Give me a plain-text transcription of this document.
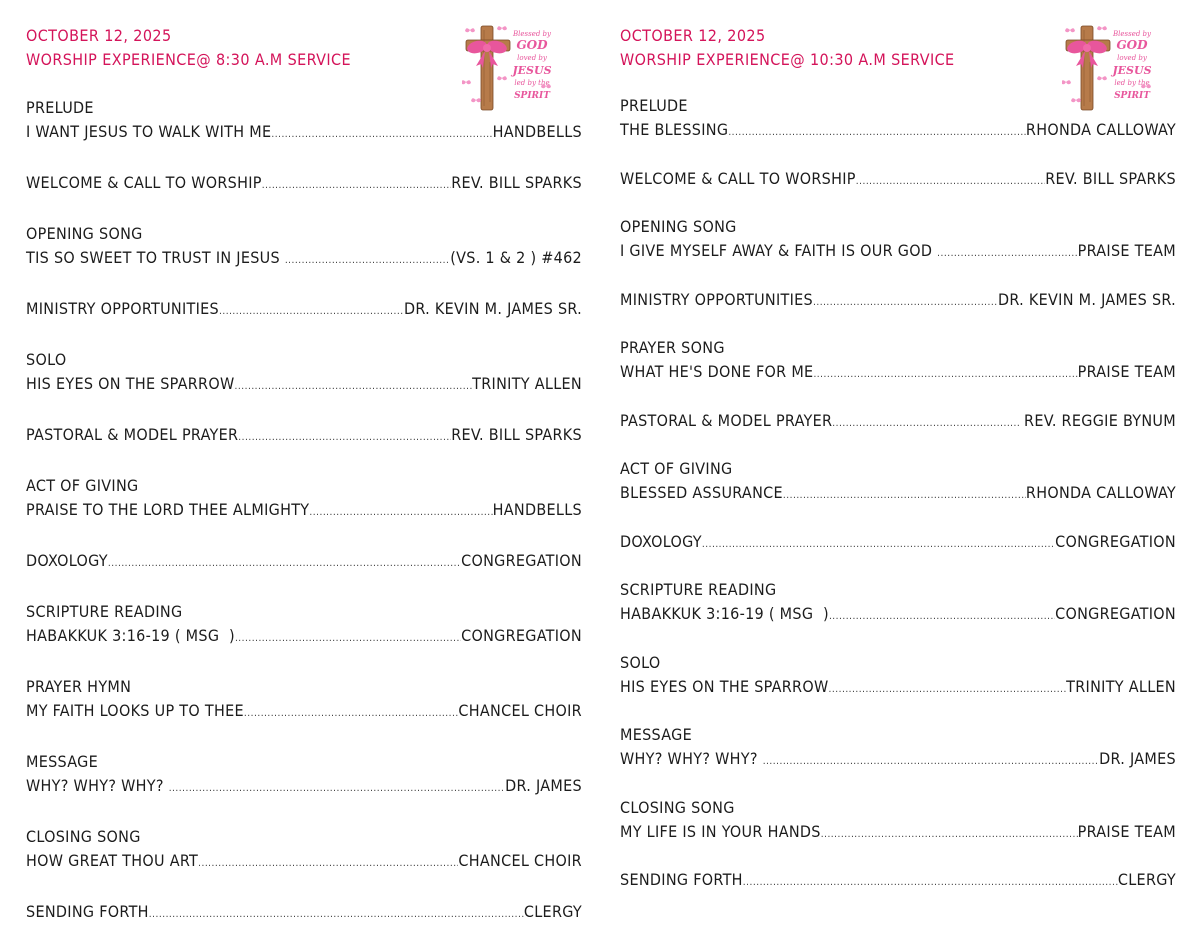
OCTOBER 12, 2025
WORSHIP EXPERIENCE@ 8:30 A.M SERVICE
PRELUDE
I WANT JESUS TO WALK WITH ME .....	HANDBELLS
WELCOME & CALL TO WORSHIP .....	REV. BILL SPARKS
OPENING SONG
TIS SO SWEET TO TRUST IN JESUS .....	(VS. 1 & 2 ) #462
MINISTRY OPPORTUNITIES .....	DR. KEVIN M. JAMES SR.
SOLO
HIS EYES ON THE SPARROW .....	TRINITY ALLEN
PASTORAL & MODEL PRAYER .....	REV. BILL SPARKS
ACT OF GIVING
PRAISE TO THE LORD THEE ALMIGHTY .....	HANDBELLS
DOXOLOGY .....	CONGREGATION
SCRIPTURE READING
HABAKKUK 3:16-19 ( MSG  ) .....	CONGREGATION
PRAYER HYMN
MY FAITH LOOKS UP TO THEE .....	CHANCEL CHOIR
MESSAGE
WHY? WHY? WHY? .....	DR. JAMES
CLOSING SONG
HOW GREAT THOU ART .....	CHANCEL CHOIR
SENDING FORTH .....	CLERGY
OCTOBER 12, 2025
WORSHIP EXPERIENCE@ 10:30 A.M SERVICE
PRELUDE
THE BLESSING .....	RHONDA CALLOWAY
WELCOME & CALL TO WORSHIP .....	REV. BILL SPARKS
OPENING SONG
I GIVE MYSELF AWAY & FAITH IS OUR GOD .....	PRAISE TEAM
MINISTRY OPPORTUNITIES .....	DR. KEVIN M. JAMES SR.
PRAYER SONG
WHAT HE'S DONE FOR ME .....	PRAISE TEAM
PASTORAL & MODEL PRAYER .....	REV. REGGIE BYNUM
ACT OF GIVING
BLESSED ASSURANCE .....	RHONDA CALLOWAY
DOXOLOGY .....	CONGREGATION
SCRIPTURE READING
HABAKKUK 3:16-19 ( MSG  ) .....	CONGREGATION
SOLO
HIS EYES ON THE SPARROW .....	TRINITY ALLEN
MESSAGE
WHY? WHY? WHY? .....	DR. JAMES
CLOSING SONG
MY LIFE IS IN YOUR HANDS .....	PRAISE TEAM
SENDING FORTH .....	CLERGY
Blessed by
GOD
loved by
JESUS
led by the
SPIRIT
Blessed by
GOD
loved by
JESUS
led by the
SPIRIT
